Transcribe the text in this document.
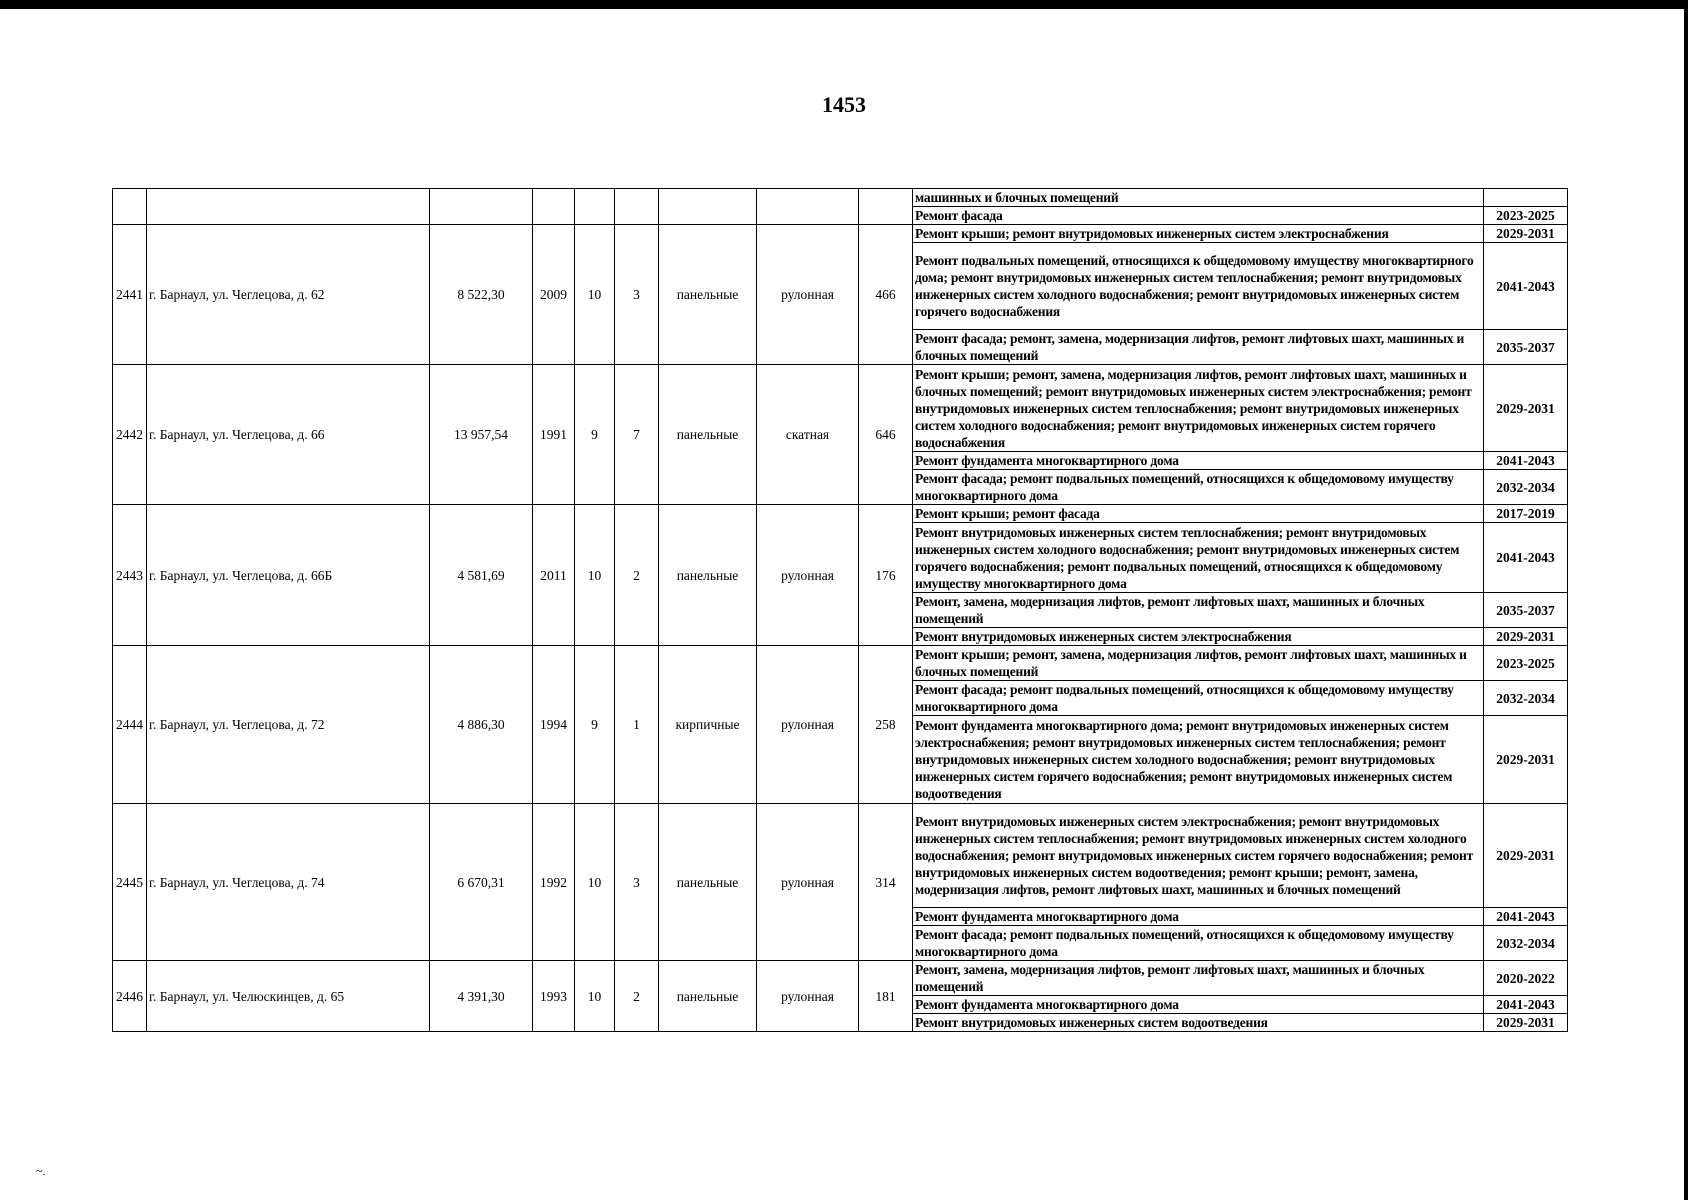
1453
~.
									машинных и блочных помещений	
									Ремонт фасада	2023-2025
2441	г. Барнаул, ул. Чеглецова, д. 62	8 522,30	2009	10	3	панельные	рулонная	466	Ремонт крыши; ремонт внутридомовых инженерных систем электроснабжения	2029-2031
									Ремонт подвальных помещений, относящихся к общедомовому имуществу многоквартирного дома; ремонт внутридомовых инженерных систем теплоснабжения; ремонт внутридомовых инженерных систем холодного водоснабжения; ремонт внутридомовых инженерных систем горячего водоснабжения	2041-2043
									Ремонт фасада; ремонт, замена, модернизация лифтов, ремонт лифтовых шахт, машинных и блочных помещений	2035-2037
2442	г. Барнаул, ул. Чеглецова, д. 66	13 957,54	1991	9	7	панельные	скатная	646	Ремонт крыши; ремонт, замена, модернизация лифтов, ремонт лифтовых шахт, машинных и блочных помещений; ремонт внутридомовых инженерных систем электроснабжения; ремонт внутридомовых инженерных систем теплоснабжения; ремонт внутридомовых инженерных систем холодного водоснабжения; ремонт внутридомовых инженерных систем горячего водоснабжения	2029-2031
									Ремонт фундамента многоквартирного дома	2041-2043
									Ремонт фасада; ремонт подвальных помещений, относящихся к общедомовому имуществу многоквартирного дома	2032-2034
2443	г. Барнаул, ул. Чеглецова, д. 66Б	4 581,69	2011	10	2	панельные	рулонная	176	Ремонт крыши; ремонт фасада	2017-2019
									Ремонт внутридомовых инженерных систем теплоснабжения; ремонт внутридомовых инженерных систем холодного водоснабжения; ремонт внутридомовых инженерных систем горячего водоснабжения; ремонт подвальных помещений, относящихся к общедомовому имуществу многоквартирного дома	2041-2043
									Ремонт, замена, модернизация лифтов, ремонт лифтовых шахт, машинных и блочных помещений	2035-2037
									Ремонт внутридомовых инженерных систем электроснабжения	2029-2031
2444	г. Барнаул, ул. Чеглецова, д. 72	4 886,30	1994	9	1	кирпичные	рулонная	258	Ремонт крыши; ремонт, замена, модернизация лифтов, ремонт лифтовых шахт, машинных и блочных помещений	2023-2025
									Ремонт фасада; ремонт подвальных помещений, относящихся к общедомовому имуществу многоквартирного дома	2032-2034
									Ремонт фундамента многоквартирного дома; ремонт внутридомовых инженерных систем электроснабжения; ремонт внутридомовых инженерных систем теплоснабжения; ремонт внутридомовых инженерных систем холодного водоснабжения; ремонт внутридомовых инженерных систем горячего водоснабжения; ремонт внутридомовых инженерных систем водоотведения	2029-2031
2445	г. Барнаул, ул. Чеглецова, д. 74	6 670,31	1992	10	3	панельные	рулонная	314	Ремонт внутридомовых инженерных систем электроснабжения; ремонт внутридомовых инженерных систем теплоснабжения; ремонт внутридомовых инженерных систем холодного водоснабжения; ремонт внутридомовых инженерных систем горячего водоснабжения; ремонт внутридомовых инженерных систем водоотведения; ремонт крыши; ремонт, замена, модернизация лифтов, ремонт лифтовых шахт, машинных и блочных помещений	2029-2031
									Ремонт фундамента многоквартирного дома	2041-2043
									Ремонт фасада; ремонт подвальных помещений, относящихся к общедомовому имуществу многоквартирного дома	2032-2034
2446	г. Барнаул, ул. Челюскинцев, д. 65	4 391,30	1993	10	2	панельные	рулонная	181	Ремонт, замена, модернизация лифтов, ремонт лифтовых шахт, машинных и блочных помещений	2020-2022
									Ремонт фундамента многоквартирного дома	2041-2043
									Ремонт внутридомовых инженерных систем водоотведения	2029-2031
